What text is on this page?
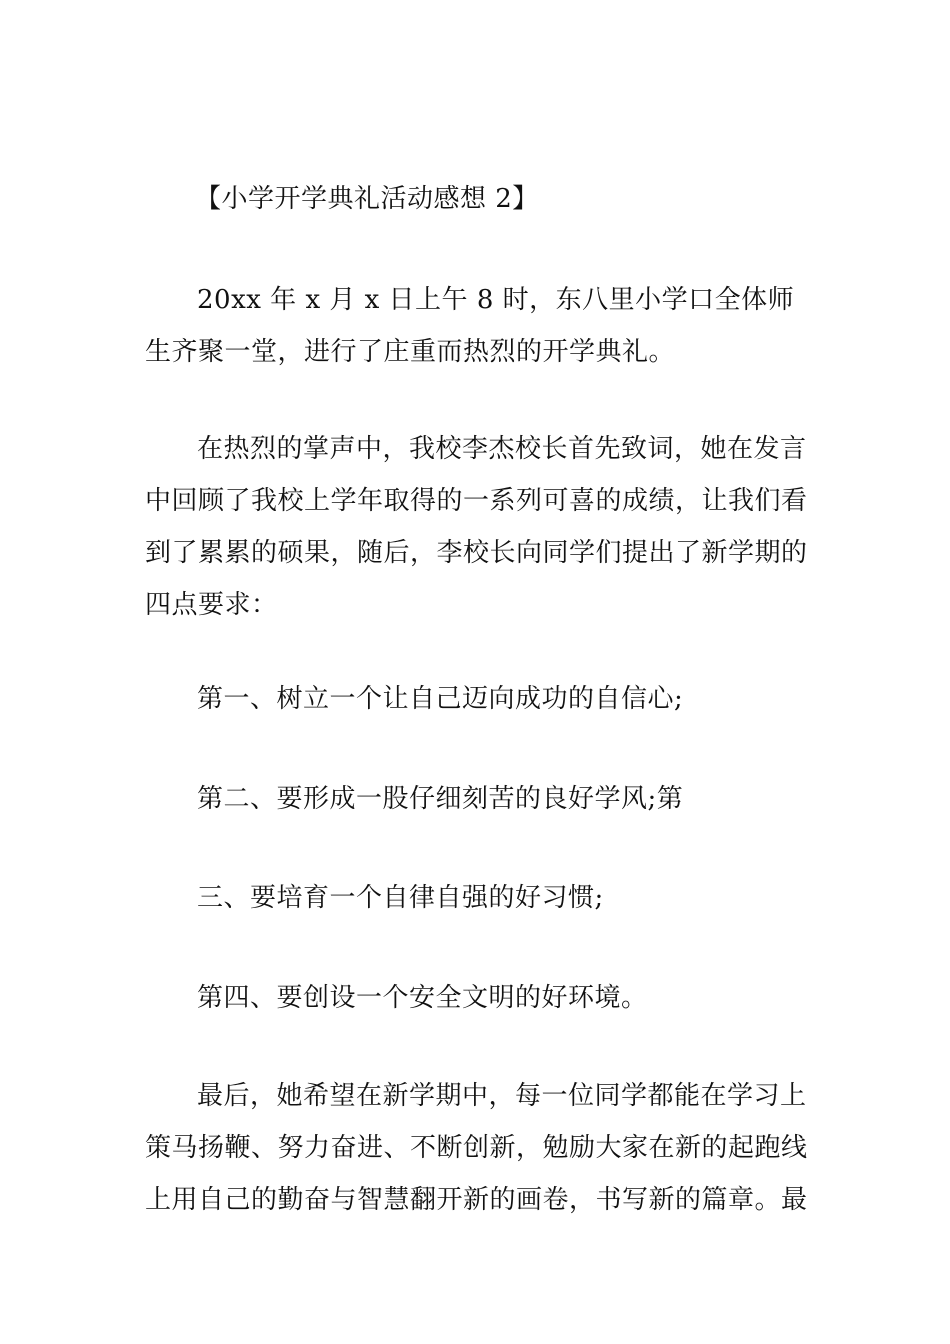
【小学开学典礼活动感想 2】

20xx 年 x 月 x 日上午 8 时，东八里小学口全体师生齐聚一堂，进行了庄重而热烈的开学典礼。

在热烈的掌声中，我校李杰校长首先致词，她在发言中回顾了我校上学年取得的一系列可喜的成绩，让我们看到了累累的硕果，随后，李校长向同学们提出了新学期的四点要求：

第一、树立一个让自己迈向成功的自信心;

第二、要形成一股仔细刻苦的良好学风;第

三、要培育一个自律自强的好习惯;

第四、要创设一个安全文明的好环境。

最后，她希望在新学期中，每一位同学都能在学习上策马扬鞭、努力奋进、不断创新，勉励大家在新的起跑线上用自己的勤奋与智慧翻开新的画卷，书写新的篇章。最
